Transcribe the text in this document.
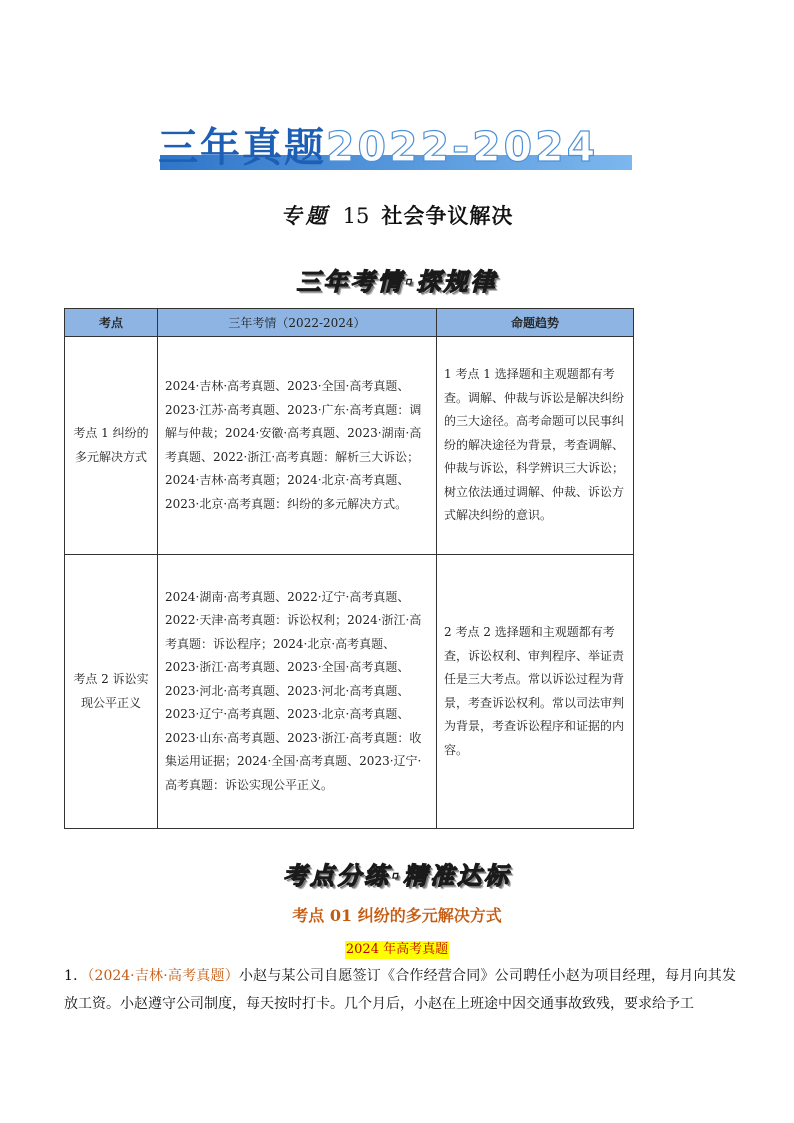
三年真题2022-2024
专题 15 社会争议解决
三年考情·探规律
考点	三年考情（2022-2024）	命题趋势
考点 1 纠纷的多元解决方式	2024·吉林·高考真题、2023·全国·高考真题、2023·江苏·高考真题、2023·广东·高考真题：调解与仲裁；2024·安徽·高考真题、2023·湖南·高考真题、2022·浙江·高考真题：解析三大诉讼；2024·吉林·高考真题；2024·北京·高考真题、2023·北京·高考真题：纠纷的多元解决方式。	1 考点 1 选择题和主观题都有考查。调解、仲裁与诉讼是解决纠纷的三大途径。高考命题可以民事纠纷的解决途径为背景，考查调解、仲裁与诉讼，科学辨识三大诉讼；树立依法通过调解、仲裁、诉讼方式解决纠纷的意识。
考点 2 诉讼实现公平正义	2024·湖南·高考真题、2022·辽宁·高考真题、2022·天津·高考真题：诉讼权利；2024·浙江·高考真题：诉讼程序；2024·北京·高考真题、2023·浙江·高考真题、2023·全国·高考真题、2023·河北·高考真题、2023·河北·高考真题、2023·辽宁·高考真题、2023·北京·高考真题、2023·山东·高考真题、2023·浙江·高考真题：收集运用证据；2024·全国·高考真题、2023·辽宁·高考真题：诉讼实现公平正义。	2 考点 2 选择题和主观题都有考查，诉讼权利、审判程序、举证责任是三大考点。常以诉讼过程为背景，考查诉讼权利。常以司法审判为背景，考查诉讼程序和证据的内容。
考点分练·精准达标
考点 01 纠纷的多元解决方式
2024 年高考真题
1．（2024·吉林·高考真题）小赵与某公司自愿签订《合作经营合同》公司聘任小赵为项目经理，每月向其发放工资。小赵遵守公司制度，每天按时打卡。几个月后，小赵在上班途中因交通事故致残，要求给予工
